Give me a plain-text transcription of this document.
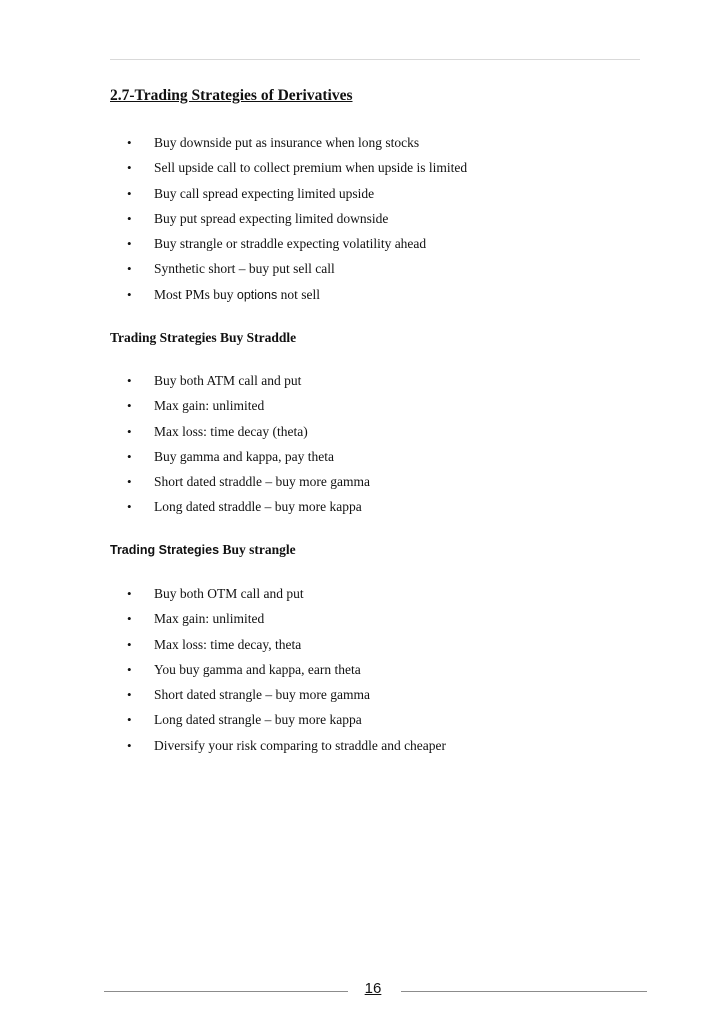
2.7-Trading Strategies of Derivatives
• Buy downside put as insurance when long stocks
• Sell upside call to collect premium when upside is limited
• Buy call spread expecting limited upside
• Buy put spread expecting limited downside
• Buy strangle or straddle expecting volatility ahead
• Synthetic short – buy put sell call
• Most PMs buy options not sell
Trading Strategies Buy Straddle
• Buy both ATM call and put
• Max gain: unlimited
• Max loss: time decay (theta)
• Buy gamma and kappa, pay theta
• Short dated straddle – buy more gamma
• Long dated straddle – buy more kappa
Trading Strategies Buy strangle
• Buy both OTM call and put
• Max gain: unlimited
• Max loss: time decay, theta
• You buy gamma and kappa, earn theta
• Short dated strangle – buy more gamma
• Long dated strangle – buy more kappa
• Diversify your risk comparing to straddle and cheaper
16
